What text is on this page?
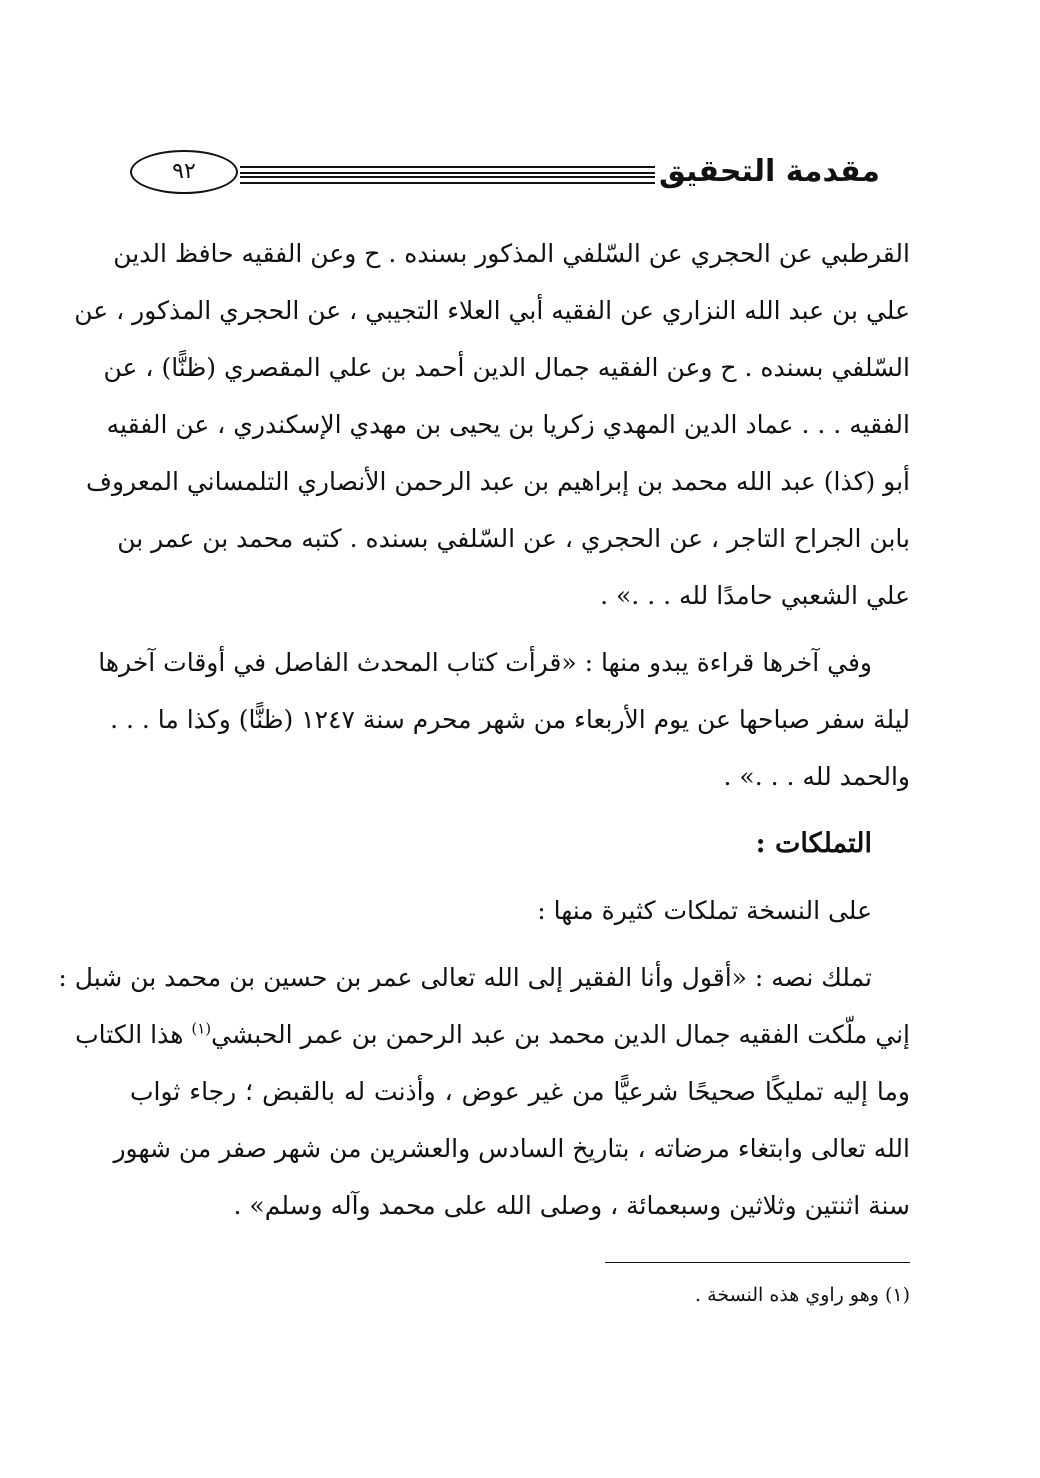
مقدمة التحقيق
٩٢
القرطبي عن الحجري عن السّلفي المذكور بسنده . ح وعن الفقيه حافظ الدين
علي بن عبد الله النزاري عن الفقيه أبي العلاء التجيبي ، عن الحجري المذكور ، عن
السّلفي بسنده . ح وعن الفقيه جمال الدين أحمد بن علي المقصري (ظنًّا) ، عن
الفقيه . . . عماد الدين المهدي زكريا بن يحيى بن مهدي الإسكندري ، عن الفقيه
أبو (كذا) عبد الله محمد بن إبراهيم بن عبد الرحمن الأنصاري التلمساني المعروف
بابن الجراح التاجر ، عن الحجري ، عن السّلفي بسنده . كتبه محمد بن عمر بن
علي الشعبي حامدًا لله . . .» .
وفي آخرها قراءة يبدو منها : «قرأت كتاب المحدث الفاصل في أوقات آخرها
ليلة سفر صباحها عن يوم الأربعاء من شهر محرم سنة ١٢٤٧ (ظنًّا) وكذا ما . . .
والحمد لله . . .» .
التملكات :
على النسخة تملكات كثيرة منها :
تملك نصه : «أقول وأنا الفقير إلى الله تعالى عمر بن حسين بن محمد بن شبل :
إني ملّكت الفقيه جمال الدين محمد بن عبد الرحمن بن عمر الحبشي$^{(١)}$ هذا الكتاب
وما إليه تمليكًا صحيحًا شرعيًّا من غير عوض ، وأذنت له بالقبض ؛ رجاء ثواب
الله تعالى وابتغاء مرضاته ، بتاريخ السادس والعشرين من شهر صفر من شهور
سنة اثنتين وثلاثين وسبعمائة ، وصلى الله على محمد وآله وسلم» .
(١) وهو راوي هذه النسخة .
